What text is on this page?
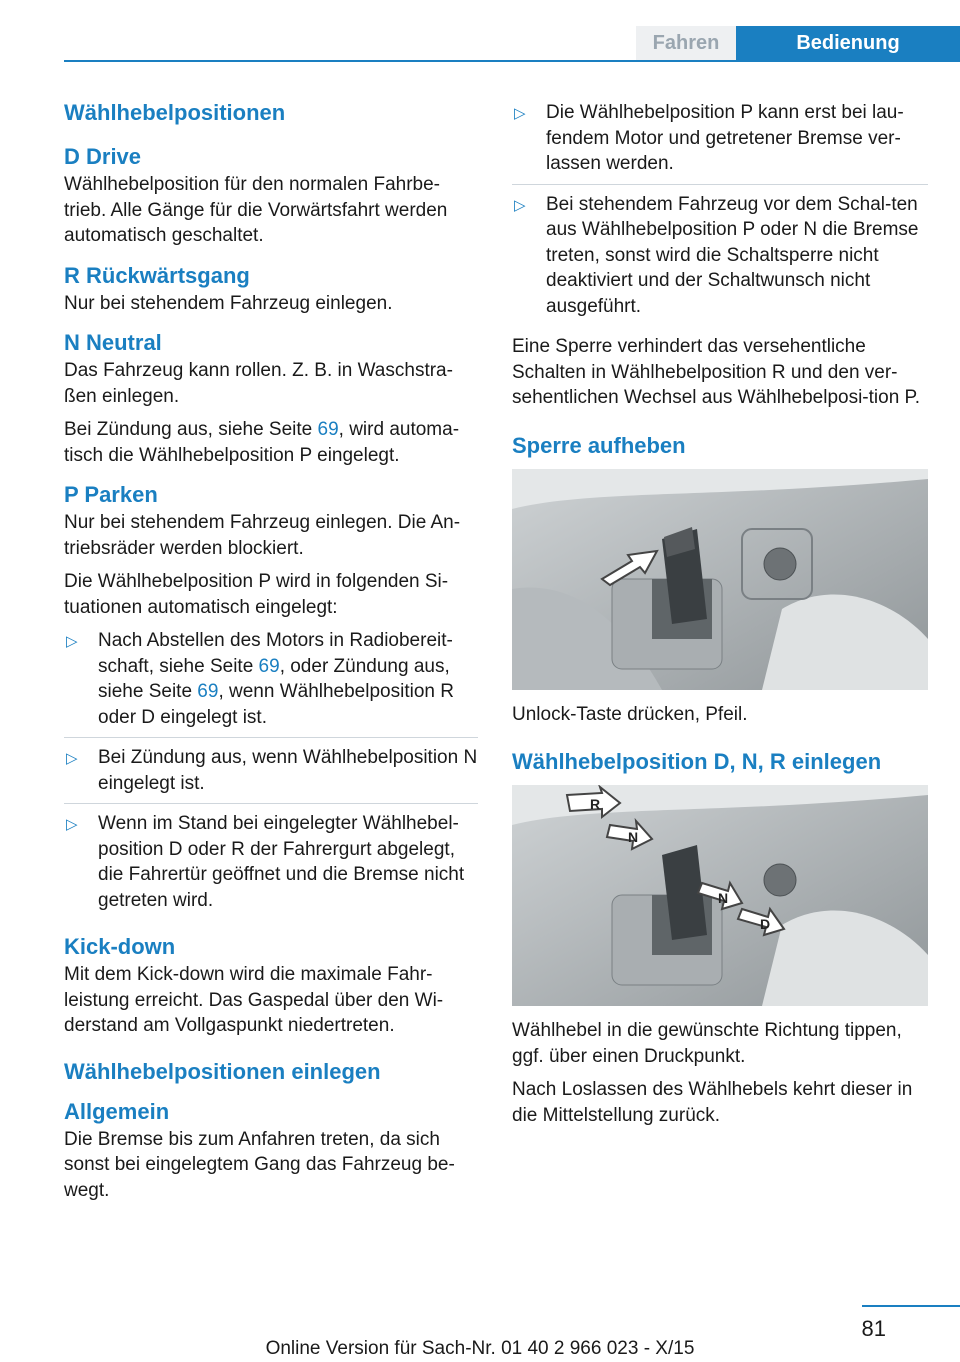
Fahren	Bedienung
Wählhebelpositionen
D Drive

Wählhebelposition für den normalen Fahrbe‐trieb. Alle Gänge für die Vorwärtsfahrt werden automatisch geschaltet.

R Rückwärtsgang

Nur bei stehendem Fahrzeug einlegen.

N Neutral

Das Fahrzeug kann rollen. Z. B. in Waschstra‐ßen einlegen.

Bei Zündung aus, siehe Seite 69, wird automa‐tisch die Wählhebelposition P eingelegt.

P Parken

Nur bei stehendem Fahrzeug einlegen. Die An‐triebsräder werden blockiert.

Die Wählhebelposition P wird in folgenden Si‐tuationen automatisch eingelegt:

▷ Nach Abstellen des Motors in Radiobereit‐schaft, siehe Seite 69, oder Zündung aus, siehe Seite 69, wenn Wählhebelposition R oder D eingelegt ist.
▷ Bei Zündung aus, wenn Wählhebelposition N eingelegt ist.
▷ Wenn im Stand bei eingelegter Wählhebel‐position D oder R der Fahrergurt abgelegt, die Fahrertür geöffnet und die Bremse nicht getreten wird.
Kick-down

Mit dem Kick-down wird die maximale Fahr‐leistung erreicht. Das Gaspedal über den Wi‐derstand am Vollgaspunkt niedertreten.

Wählhebelpositionen einlegen
Allgemein

Die Bremse bis zum Anfahren treten, da sich sonst bei eingelegtem Gang das Fahrzeug be‐wegt.

▷ Die Wählhebelposition P kann erst bei lau‐fendem Motor und getretener Bremse ver‐lassen werden.
▷ Bei stehendem Fahrzeug vor dem Schal‐ten aus Wählhebelposition P oder N die Bremse treten, sonst wird die Schaltsperre nicht deaktiviert und der Schaltwunsch nicht ausgeführt.

Eine Sperre verhindert das versehentliche Schalten in Wählhebelposition R und den ver‐sehentlichen Wechsel aus Wählhebelposi‐tion P.

Sperre aufheben

Unlock-Taste drücken, Pfeil.

Wählhebelposition D, N, R einlegen
R
N
N
D

Wählhebel in die gewünschte Richtung tippen, ggf. über einen Druckpunkt.

Nach Loslassen des Wählhebels kehrt dieser in die Mittelstellung zurück.

81
Online Version für Sach-Nr. 01 40 2 966 023 - X/15
